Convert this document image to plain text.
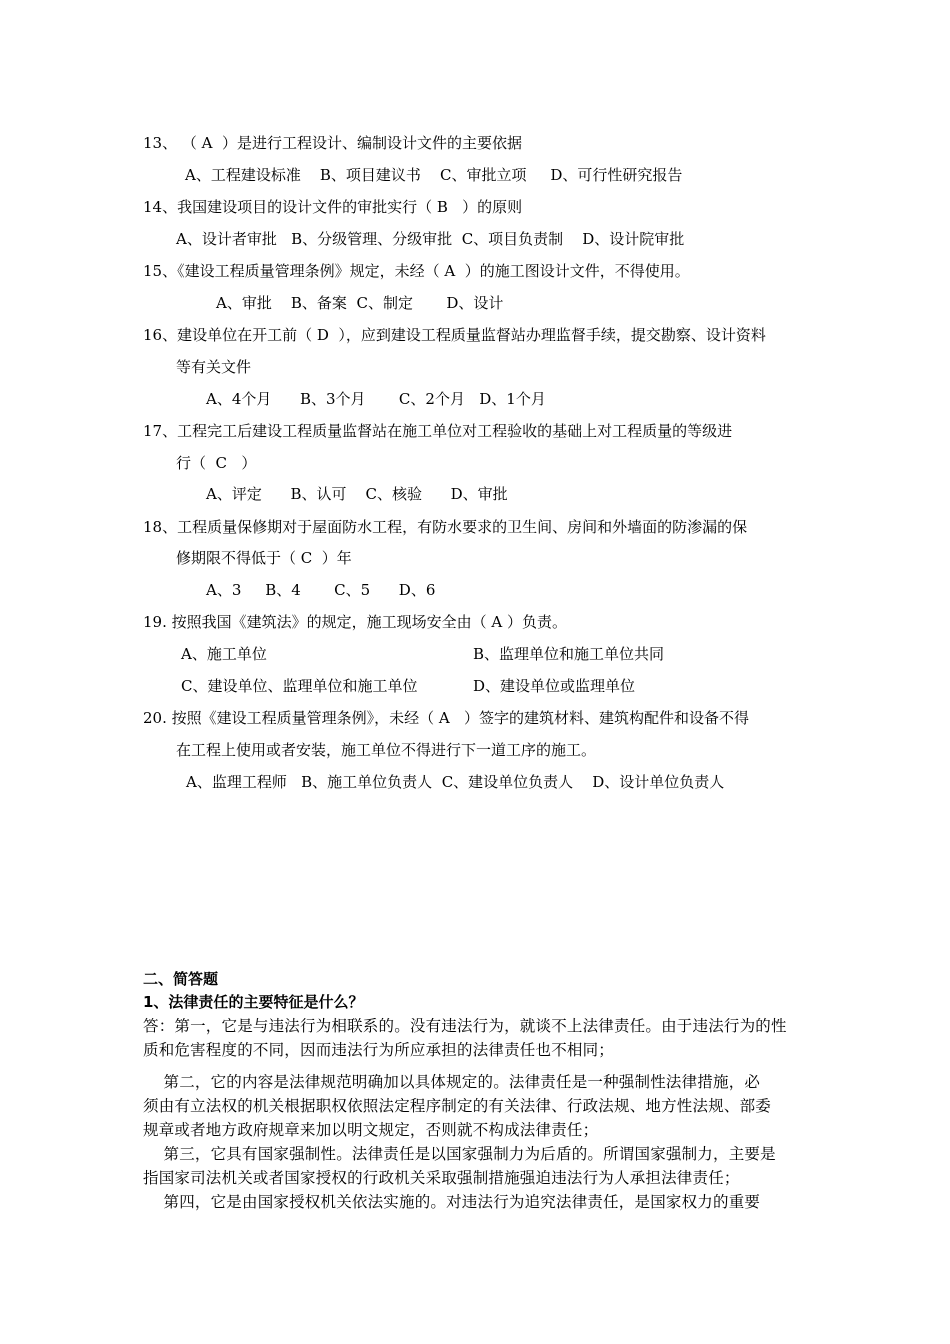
13、 （ A  ）是进行工程设计、编制设计文件的主要依据
A、工程建设标准    B、项目建议书    C、审批立项     D、可行性研究报告
14、我国建设项目的设计文件的审批实行（ B   ）的原则
A、设计者审批   B、分级管理、分级审批  C、项目负责制    D、设计院审批
15、《建设工程质量管理条例》规定，未经（ A  ）的施工图设计文件，不得使用。
A、审批    B、备案  C、制定       D、设计
16、建设单位在开工前（ D  ），应到建设工程质量监督站办理监督手续，提交勘察、设计资料
等有关文件
A、4个月      B、3个月       C、2个月   D、1个月
17、工程完工后建设工程质量监督站在施工单位对工程验收的基础上对工程质量的等级进
行（  C   ）
A、评定      B、认可    C、核验      D、审批
18、工程质量保修期对于屋面防水工程，有防水要求的卫生间、房间和外墙面的防渗漏的保
修期限不得低于（ C  ）年
A、3     B、4       C、5      D、6
19. 按照我国《建筑法》的规定，施工现场安全由（ A ）负责。
A、施工单位	B、监理单位和施工单位共同
C、建设单位、监理单位和施工单位	D、建设单位或监理单位
20. 按照《建设工程质量管理条例》，未经（ A   ）签字的建筑材料、建筑构配件和设备不得
在工程上使用或者安装，施工单位不得进行下一道工序的施工。
A、监理工程师   B、施工单位负责人  C、建设单位负责人    D、设计单位负责人
二、简答题
1、法律责任的主要特征是什么？
答：第一，它是与违法行为相联系的。没有违法行为，就谈不上法律责任。由于违法行为的性
质和危害程度的不同，因而违法行为所应承担的法律责任也不相同；
第二，它的内容是法律规范明确加以具体规定的。法律责任是一种强制性法律措施，必
须由有立法权的机关根据职权依照法定程序制定的有关法律、行政法规、地方性法规、部委
规章或者地方政府规章来加以明文规定，否则就不构成法律责任；
第三，它具有国家强制性。法律责任是以国家强制力为后盾的。所谓国家强制力，主要是
指国家司法机关或者国家授权的行政机关采取强制措施强迫违法行为人承担法律责任；
第四，它是由国家授权机关依法实施的。对违法行为追究法律责任，是国家权力的重要
